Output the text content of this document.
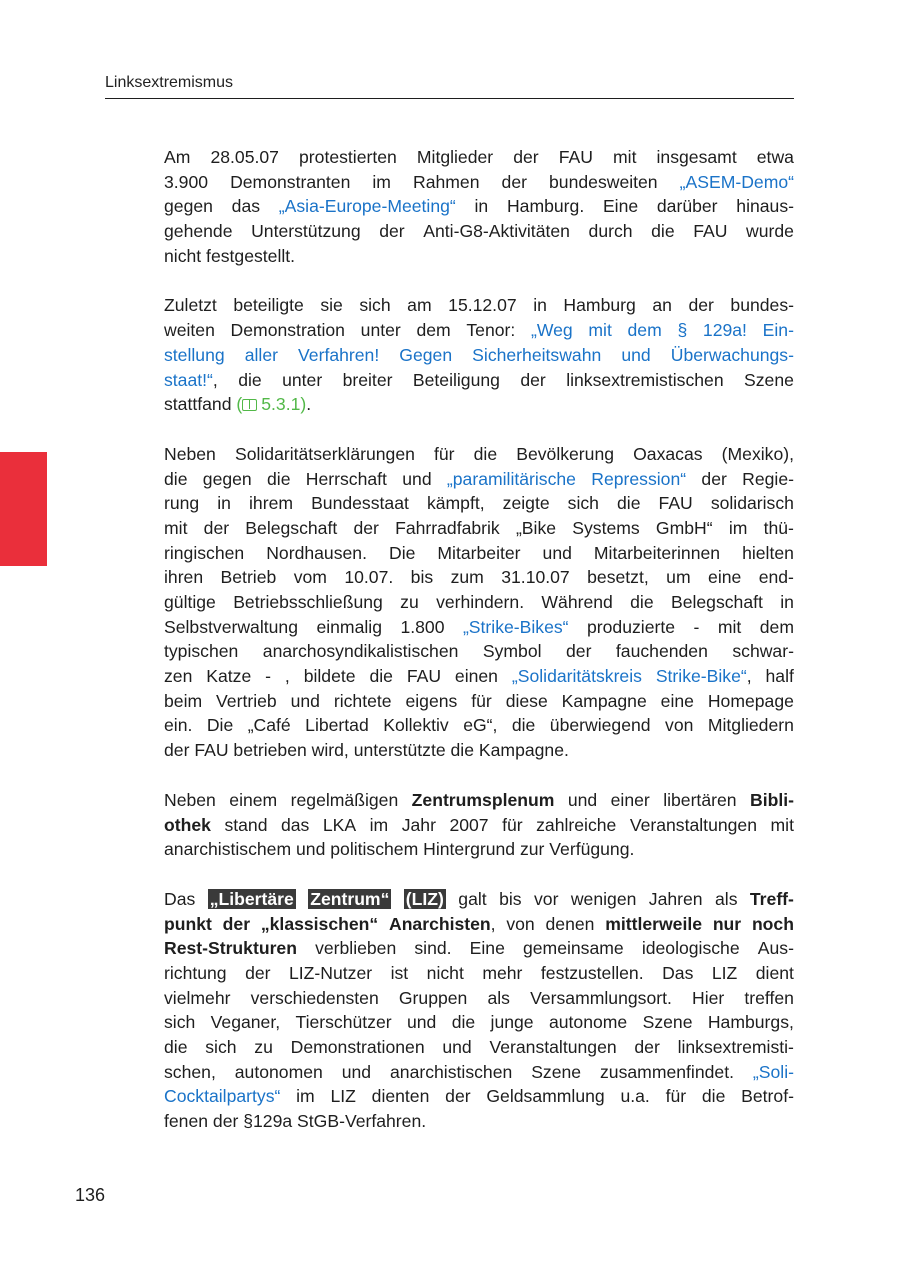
Linksextremismus
Am 28.05.07 protestierten Mitglieder der FAU mit insgesamt etwa
3.900 Demonstranten im Rahmen der bundesweiten „ASEM-Demo“
gegen das „Asia-Europe-Meeting“ in Hamburg. Eine darüber hinaus-
gehende Unterstützung der Anti-G8-Aktivitäten durch die FAU wurde
nicht festgestellt.
Zuletzt beteiligte sie sich am 15.12.07 in Hamburg an der bundes-
weiten Demonstration unter dem Tenor: „Weg mit dem § 129a! Ein-
stellung aller Verfahren! Gegen Sicherheitswahn und Überwachungs-
staat!“, die unter breiter Beteiligung der linksextremistischen Szene
stattfand ( 5.3.1).
Neben Solidaritätserklärungen für die Bevölkerung Oaxacas (Mexiko),
die gegen die Herrschaft und „paramilitärische Repression“ der Regie-
rung in ihrem Bundesstaat kämpft, zeigte sich die FAU solidarisch
mit der Belegschaft der Fahrradfabrik „Bike Systems GmbH“ im thü-
ringischen Nordhausen. Die Mitarbeiter und Mitarbeiterinnen hielten
ihren Betrieb vom 10.07. bis zum 31.10.07 besetzt, um eine end-
gültige Betriebsschließung zu verhindern. Während die Belegschaft in
Selbstverwaltung einmalig 1.800 „Strike-Bikes“ produzierte - mit dem
typischen anarchosyndikalistischen Symbol der fauchenden schwar-
zen Katze - , bildete die FAU einen „Solidaritätskreis Strike-Bike“, half
beim Vertrieb und richtete eigens für diese Kampagne eine Homepage
ein. Die „Café Libertad Kollektiv eG“, die überwiegend von Mitgliedern
der FAU betrieben wird, unterstützte die Kampagne.
Neben einem regelmäßigen Zentrumsplenum und einer libertären Bibli-
othek stand das LKA im Jahr 2007 für zahlreiche Veranstaltungen mit
anarchistischem und politischem Hintergrund zur Verfügung.
Das „Libertäre Zentrum“ (LIZ) galt bis vor wenigen Jahren als Treff-
punkt der „klassischen“ Anarchisten, von denen mittlerweile nur noch
Rest-Strukturen verblieben sind. Eine gemeinsame ideologische Aus-
richtung der LIZ-Nutzer ist nicht mehr festzustellen. Das LIZ dient
vielmehr verschiedensten Gruppen als Versammlungsort. Hier treffen
sich Veganer, Tierschützer und die junge autonome Szene Hamburgs,
die sich zu Demonstrationen und Veranstaltungen der linksextremisti-
schen, autonomen und anarchistischen Szene zusammenfindet. „Soli-
Cocktailpartys“ im LIZ dienten der Geldsammlung u.a. für die Betrof-
fenen der §129a StGB-Verfahren.
136
